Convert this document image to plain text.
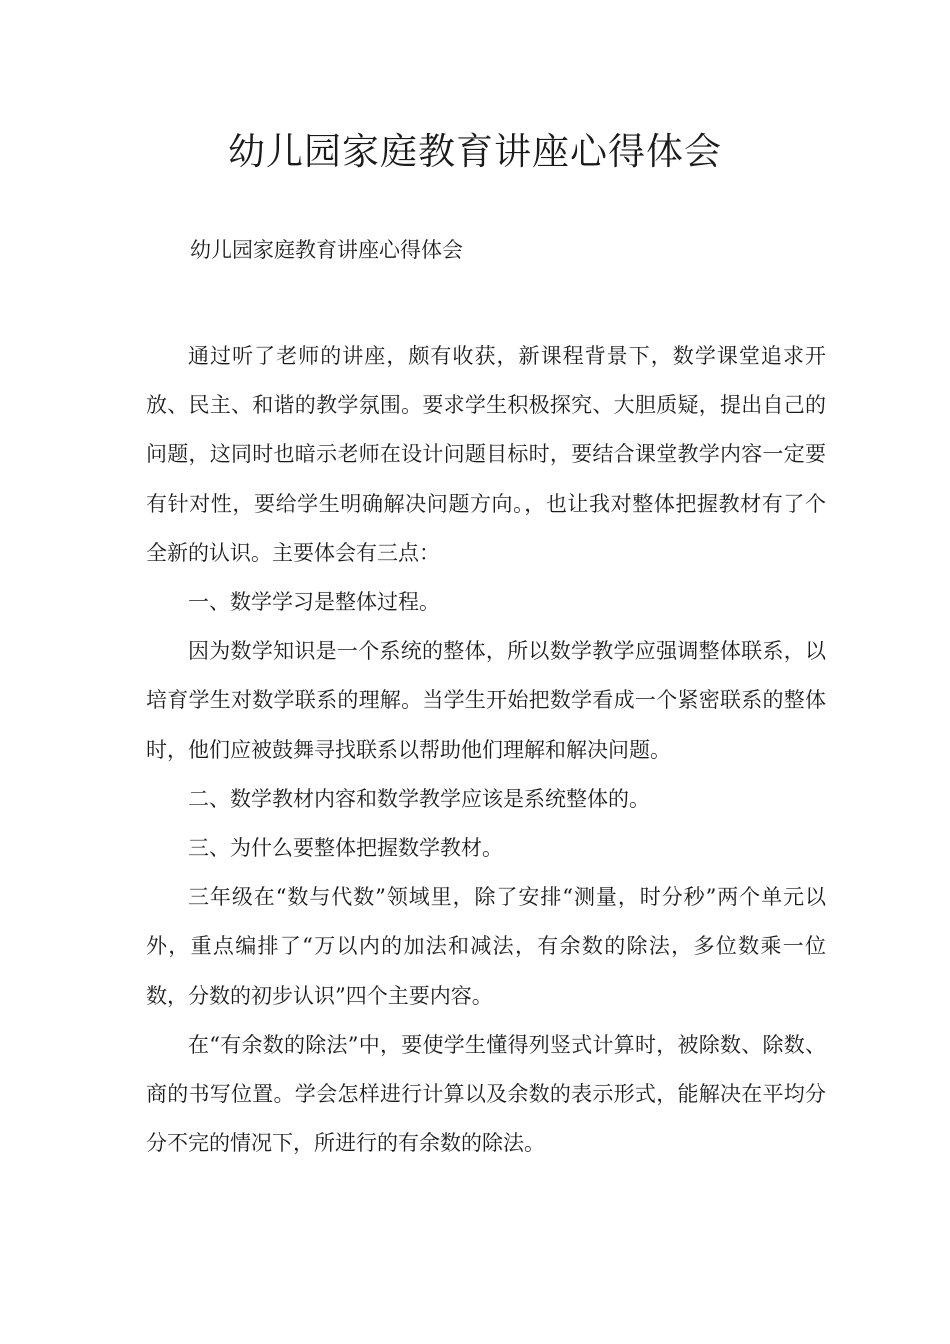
幼儿园家庭教育讲座心得体会

幼儿园家庭教育讲座心得体会

通过听了老师的讲座，颇有收获，新课程背景下，数学课堂追求开放、民主、和谐的教学氛围。要求学生积极探究、大胆质疑，提出自己的问题，这同时也暗示老师在设计问题目标时，要结合课堂教学内容一定要有针对性，要给学生明确解决问题方向。，也让我对整体把握教材有了个全新的认识。主要体会有三点：

一、数学学习是整体过程。

因为数学知识是一个系统的整体，所以数学教学应强调整体联系，以培育学生对数学联系的理解。当学生开始把数学看成一个紧密联系的整体时，他们应被鼓舞寻找联系以帮助他们理解和解决问题。

二、数学教材内容和数学教学应该是系统整体的。

三、为什么要整体把握数学教材。

三年级在“数与代数”领域里，除了安排“测量，时分秒”两个单元以外，重点编排了“万以内的加法和减法，有余数的除法，多位数乘一位数，分数的初步认识”四个主要内容。

在“有余数的除法”中，要使学生懂得列竖式计算时，被除数、除数、商的书写位置。学会怎样进行计算以及余数的表示形式，能解决在平均分分不完的情况下，所进行的有余数的除法。
